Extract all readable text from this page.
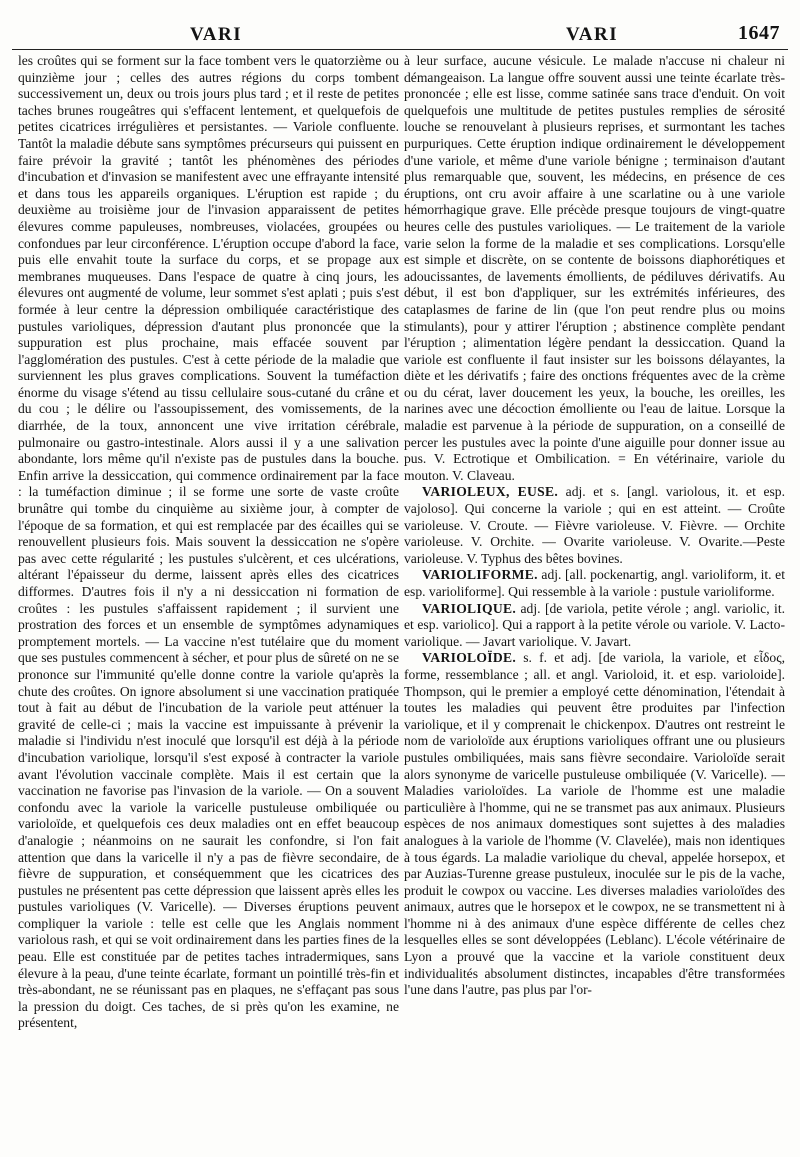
VARI	VARI	1647

les croûtes qui se forment sur la face tombent vers le quatorzième ou quinzième jour ; celles des autres régions du corps tombent successivement un, deux ou trois jours plus tard ; et il reste de petites taches brunes rougeâtres qui s'effacent lentement, et quelquefois de petites cicatrices irrégulières et persistantes. — Variole confluente. Tantôt la maladie débute sans symptômes précurseurs qui puissent en faire prévoir la gravité ; tantôt les phénomènes des périodes d'incubation et d'invasion se manifestent avec une effrayante intensité et dans tous les appareils organiques. L'éruption est rapide ; du deuxième au troisième jour de l'invasion apparaissent de petites élevures comme papuleuses, nombreuses, violacées, groupées ou confondues par leur circonférence. L'éruption occupe d'abord la face, puis elle envahit toute la surface du corps, et se propage aux membranes muqueuses. Dans l'espace de quatre à cinq jours, les élevures ont augmenté de volume, leur sommet s'est aplati ; puis s'est formée à leur centre la dépression ombiliquée caractéristique des pustules varioliques, dépression d'autant plus prononcée que la suppuration est plus prochaine, mais effacée souvent par l'agglomération des pustules. C'est à cette période de la maladie que surviennent les plus graves complications. Souvent la tuméfaction énorme du visage s'étend au tissu cellulaire sous-cutané du crâne et du cou ; le délire ou l'assoupissement, des vomissements, de la diarrhée, de la toux, annoncent une vive irritation cérébrale, pulmonaire ou gastro-intestinale. Alors aussi il y a une salivation abondante, lors même qu'il n'existe pas de pustules dans la bouche. Enfin arrive la dessiccation, qui commence ordinairement par la face : la tuméfaction diminue ; il se forme une sorte de vaste croûte brunâtre qui tombe du cinquième au sixième jour, à compter de l'époque de sa formation, et qui est remplacée par des écailles qui se renouvellent plusieurs fois. Mais souvent la dessiccation ne s'opère pas avec cette régularité ; les pustules s'ulcèrent, et ces ulcérations, altérant l'épaisseur du derme, laissent après elles des cicatrices difformes. D'autres fois il n'y a ni dessiccation ni formation de croûtes : les pustules s'affaissent rapidement ; il survient une prostration des forces et un ensemble de symptômes adynamiques promptement mortels. — La vaccine n'est tutélaire que du moment que ses pustules commencent à sécher, et pour plus de sûreté on ne se prononce sur l'immunité qu'elle donne contre la variole qu'après la chute des croûtes. On ignore absolument si une vaccination pratiquée tout à fait au début de l'incubation de la variole peut atténuer la gravité de celle-ci ; mais la vaccine est impuissante à prévenir la maladie si l'individu n'est inoculé que lorsqu'il est déjà à la période d'incubation variolique, lorsqu'il s'est exposé à contracter la variole avant l'évolution vaccinale complète. Mais il est certain que la vaccination ne favorise pas l'invasion de la variole. — On a souvent confondu avec la variole la varicelle pustuleuse ombiliquée ou varioloïde, et quelquefois ces deux maladies ont en effet beaucoup d'analogie ; néanmoins on ne saurait les confondre, si l'on fait attention que dans la varicelle il n'y a pas de fièvre secondaire, de fièvre de suppuration, et conséquemment que les cicatrices des pustules ne présentent pas cette dépression que laissent après elles les pustules varioliques (V. Varicelle). — Diverses éruptions peuvent compliquer la variole : telle est celle que les Anglais nomment variolous rash, et qui se voit ordinairement dans les parties fines de la peau. Elle est constituée par de petites taches intradermiques, sans élevure à la peau, d'une teinte écarlate, formant un pointillé très-fin et très-abondant, ne se réunissant pas en plaques, ne s'effaçant pas sous la pression du doigt. Ces taches, de si près qu'on les examine, ne présentent,

à leur surface, aucune vésicule. Le malade n'accuse ni chaleur ni démangeaison. La langue offre souvent aussi une teinte écarlate très-prononcée ; elle est lisse, comme satinée sans trace d'enduit. On voit quelquefois une multitude de petites pustules remplies de sérosité louche se renouvelant à plusieurs reprises, et surmontant les taches purpuriques. Cette éruption indique ordinairement le développement d'une variole, et même d'une variole bénigne ; terminaison d'autant plus remarquable que, souvent, les médecins, en présence de ces éruptions, ont cru avoir affaire à une scarlatine ou à une variole hémorrhagique grave. Elle précède presque toujours de vingt-quatre heures celle des pustules varioliques. — Le traitement de la variole varie selon la forme de la maladie et ses complications. Lorsqu'elle est simple et discrète, on se contente de boissons diaphorétiques et adoucissantes, de lavements émollients, de pédiluves dérivatifs. Au début, il est bon d'appliquer, sur les extrémités inférieures, des cataplasmes de farine de lin (que l'on peut rendre plus ou moins stimulants), pour y attirer l'éruption ; abstinence complète pendant l'éruption ; alimentation légère pendant la dessiccation. Quand la variole est confluente il faut insister sur les boissons délayantes, la diète et les dérivatifs ; faire des onctions fréquentes avec de la crème ou du cérat, laver doucement les yeux, la bouche, les oreilles, les narines avec une décoction émolliente ou l'eau de laitue. Lorsque la maladie est parvenue à la période de suppuration, on a conseillé de percer les pustules avec la pointe d'une aiguille pour donner issue au pus. V. Ectrotique et Ombilication. = En vétérinaire, variole du mouton. V. Claveau.

VARIOLEUX, EUSE. adj. et s. [angl. variolous, it. et esp. vajoloso]. Qui concerne la variole ; qui en est atteint. — Croûte varioleuse. V. Croute. — Fièvre varioleuse. V. Fièvre. — Orchite varioleuse. V. Orchite. — Ovarite varioleuse. V. Ovarite.—Peste varioleuse. V. Typhus des bêtes bovines.

VARIOLIFORME. adj. [all. pockenartig, angl. varioliform, it. et esp. varioliforme]. Qui ressemble à la variole : pustule varioliforme.

VARIOLIQUE. adj. [de variola, petite vérole ; angl. variolic, it. et esp. variolico]. Qui a rapport à la petite vérole ou variole. V. Lacto-variolique. — Javart variolique. V. Javart.

VARIOLOÏDE. s. f. et adj. [de variola, la variole, et εἶδος, forme, ressemblance ; all. et angl. Varioloid, it. et esp. varioloide]. Thompson, qui le premier a employé cette dénomination, l'étendait à toutes les maladies qui peuvent être produites par l'infection variolique, et il y comprenait le chickenpox. D'autres ont restreint le nom de varioloïde aux éruptions varioliques offrant une ou plusieurs pustules ombiliquées, mais sans fièvre secondaire. Varioloïde serait alors synonyme de varicelle pustuleuse ombiliquée (V. Varicelle). — Maladies varioloïdes. La variole de l'homme est une maladie particulière à l'homme, qui ne se transmet pas aux animaux. Plusieurs espèces de nos animaux domestiques sont sujettes à des maladies analogues à la variole de l'homme (V. Clavelée), mais non identiques à tous égards. La maladie variolique du cheval, appelée horsepox, et par Auzias-Turenne grease pustuleux, inoculée sur le pis de la vache, produit le cowpox ou vaccine. Les diverses maladies varioloïdes des animaux, autres que le horsepox et le cowpox, ne se transmettent ni à l'homme ni à des animaux d'une espèce différente de celles chez lesquelles elles se sont développées (Leblanc). L'école vétérinaire de Lyon a prouvé que la vaccine et la variole constituent deux individualités absolument distinctes, incapables d'être transformées l'une dans l'autre, pas plus par l'or-
